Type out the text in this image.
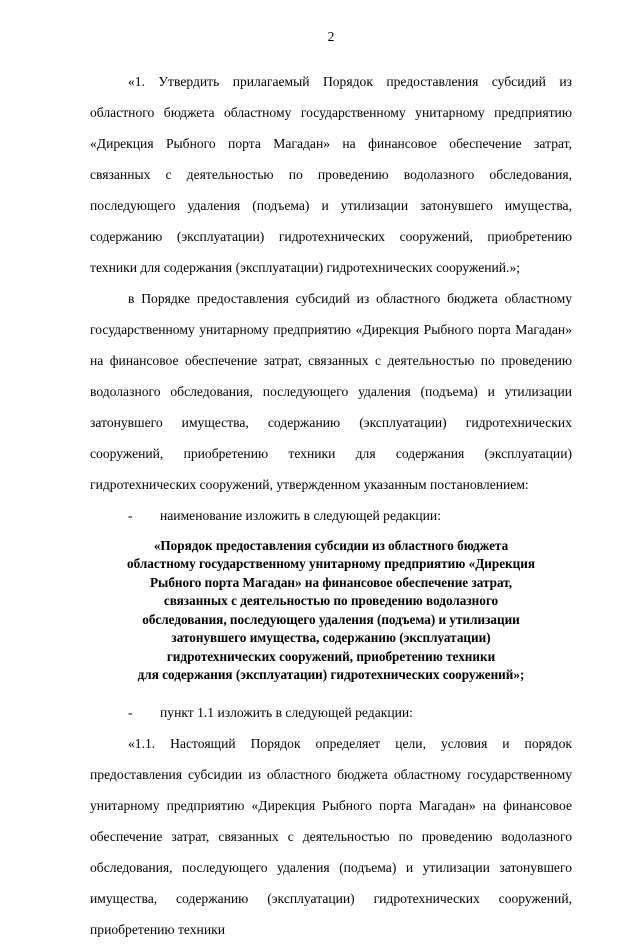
2

«1. Утвердить прилагаемый Порядок предоставления субсидий из областного бюджета областному государственному унитарному предприятию «Дирекция Рыбного порта Магадан» на финансовое обеспечение затрат, связанных с деятельностью по проведению водолазного обследования, последующего удаления (подъема) и утилизации затонувшего имущества, содержанию (эксплуатации) гидротехнических сооружений, приобретению техники для содержания (эксплуатации) гидротехнических сооружений.»;

в Порядке предоставления субсидий из областного бюджета областному государственному унитарному предприятию «Дирекция Рыбного порта Магадан» на финансовое обеспечение затрат, связанных с деятельностью по проведению водолазного обследования, последующего удаления (подъема) и утилизации затонувшего имущества, содержанию (эксплуатации) гидротехнических сооружений, приобретению техники для содержания (эксплуатации) гидротехнических сооружений, утвержденном указанным постановлением:

- наименование изложить в следующей редакции:

«Порядок предоставления субсидии из областного бюджета
областному государственному унитарному предприятию «Дирекция
Рыбного порта Магадан» на финансовое обеспечение затрат,
связанных с деятельностью по проведению водолазного
обследования, последующего удаления (подъема) и утилизации
затонувшего имущества, содержанию (эксплуатации)
гидротехнических сооружений, приобретению техники
для содержания (эксплуатации) гидротехнических сооружений»;

- пункт 1.1 изложить в следующей редакции:

«1.1. Настоящий Порядок определяет цели, условия и порядок предоставления субсидии из областного бюджета областному государственному унитарному предприятию «Дирекция Рыбного порта Магадан» на финансовое обеспечение затрат, связанных с деятельностью по проведению водолазного обследования, последующего удаления (подъема) и утилизации затонувшего имущества, содержанию (эксплуатации) гидротехнических сооружений, приобретению техники
